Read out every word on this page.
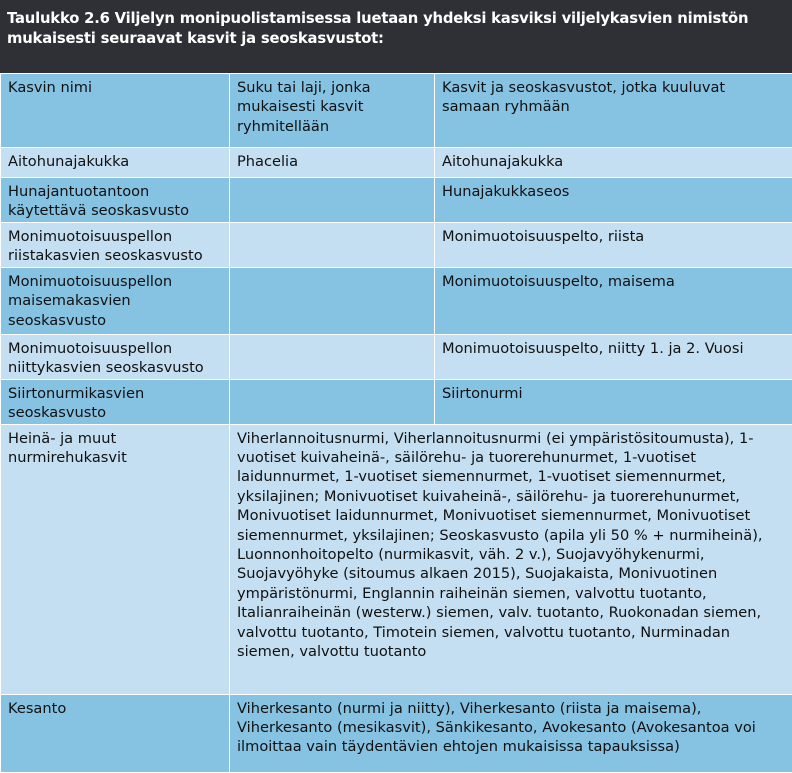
Taulukko 2.6 Viljelyn monipuolistamisessa luetaan yhdeksi kasviksi viljelykasvien nimistön mukaisesti seuraavat kasvit ja seoskasvustot:
Kasvin nimi	Suku tai laji, jonka mukaisesti kasvit ryhmitellään	Kasvit ja seoskasvustot, jotka kuuluvat samaan ryhmään
Aitohunajakukka	Phacelia	Aitohunajakukka
Hunajantuotantoon käytettävä seoskasvusto		Hunajakukkaseos
Monimuotoisuuspellon riistakasvien seoskasvusto		Monimuotoisuuspelto, riista
Monimuotoisuuspellon maisemakasvien seoskasvusto		Monimuotoisuuspelto, maisema
Monimuotoisuuspellon niittykasvien seoskasvusto		Monimuotoisuuspelto, niitty 1. ja 2. Vuosi
Siirtonurmikasvien seoskasvusto		Siirtonurmi
Heinä- ja muut nurmirehukasvit	Viherlannoitusnurmi, Viherlannoitusnurmi (ei ympäristösitoumusta), 1-vuotiset kuivaheinä-, säilörehu- ja tuorerehunurmet, 1-vuotiset laidunnurmet, 1-vuotiset siemennurmet, 1-vuotiset siemennurmet, yksilajinen; Monivuotiset kuivaheinä-, säilörehu- ja tuorerehunurmet, Monivuotiset laidunnurmet, Monivuotiset siemennurmet, Monivuotiset siemennurmet, yksilajinen; Seoskasvusto (apila yli 50 % + nurmiheinä), Luonnonhoitopelto (nurmikasvit, väh. 2 v.), Suojavyöhykenurmi, Suojavyöhyke (sitoumus alkaen 2015), Suojakaista, Monivuotinen ympäristönurmi, Englannin raiheinän siemen, valvottu tuotanto, Italianraiheinän (westerw.) siemen, valv. tuotanto, Ruokonadan siemen, valvottu tuotanto, Timotein siemen, valvottu tuotanto, Nurminadan siemen, valvottu tuotanto	
Kesanto	Viherkesanto (nurmi ja niitty), Viherkesanto (riista ja maisema), Viherkesanto (mesikasvit), Sänkikesanto, Avokesanto (Avokesantoa voi ilmoittaa vain täydentävien ehtojen mukaisissa tapauksissa)	
